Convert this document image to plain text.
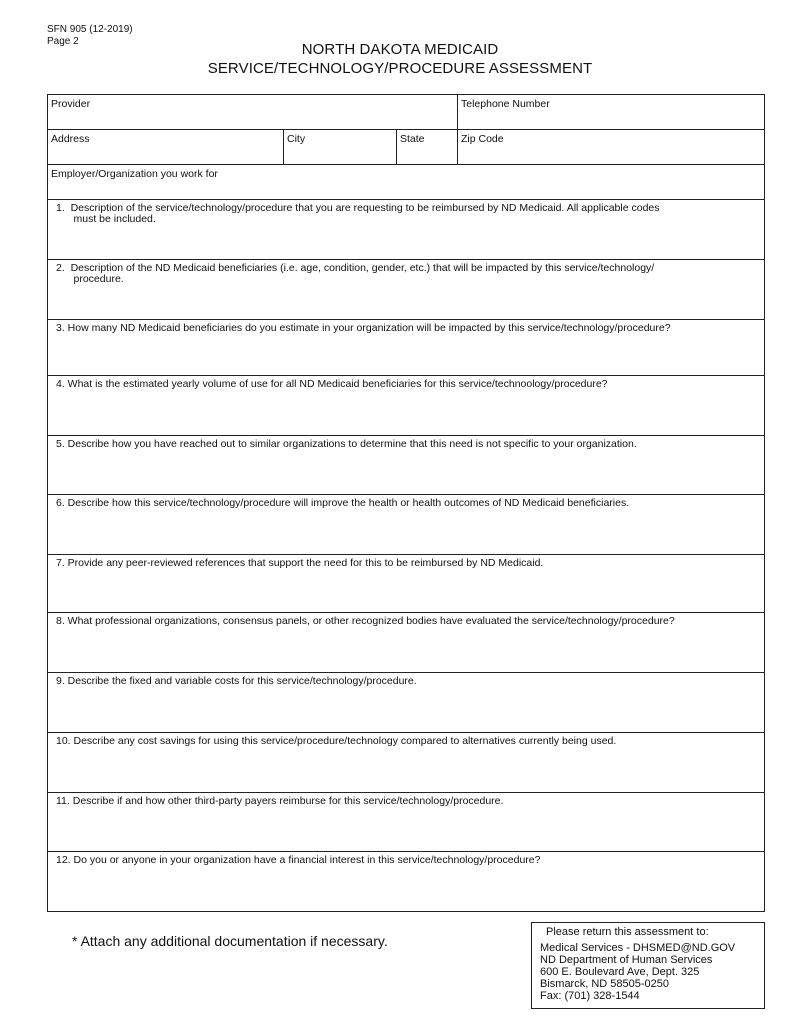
SFN 905 (12-2019)
Page 2	NORTH DAKOTA MEDICAID
SERVICE/TECHNOLOGY/PROCEDURE ASSESSMENT
Provider	Telephone Number
Address	City	State	Zip Code
Employer/Organization you work for
1.  Description of the service/technology/procedure that you are requesting to be reimbursed by ND Medicaid. All applicable codes
must be included.
2.  Description of the ND Medicaid beneficiaries (i.e. age, condition, gender, etc.) that will be impacted by this service/technology/
procedure.
3. How many ND Medicaid beneficiaries do you estimate in your organization will be impacted by this service/technology/procedure?
4. What is the estimated yearly volume of use for all ND Medicaid beneficiaries for this service/technoology/procedure?
5. Describe how you have reached out to similar organizations to determine that this need is not specific to your organization.
6. Describe how this service/technology/procedure will improve the health or health outcomes of ND Medicaid beneficiaries.
7. Provide any peer-reviewed references that support the need for this to be reimbursed by ND Medicaid.
8. What professional organizations, consensus panels, or other recognized bodies have evaluated the service/technology/procedure?
9. Describe the fixed and variable costs for this service/technology/procedure.
10. Describe any cost savings for using this service/procedure/technology compared to alternatives currently being used.
11. Describe if and how other third-party payers reimburse for this service/technology/procedure.
12. Do you or anyone in your organization have a financial interest in this service/technology/procedure?
* Attach any additional documentation if necessary.
Please return this assessment to:
Medical Services - DHSMED@ND.GOV
ND Department of Human Services
600 E. Boulevard Ave, Dept. 325
Bismarck, ND 58505-0250
Fax: (701) 328-1544
